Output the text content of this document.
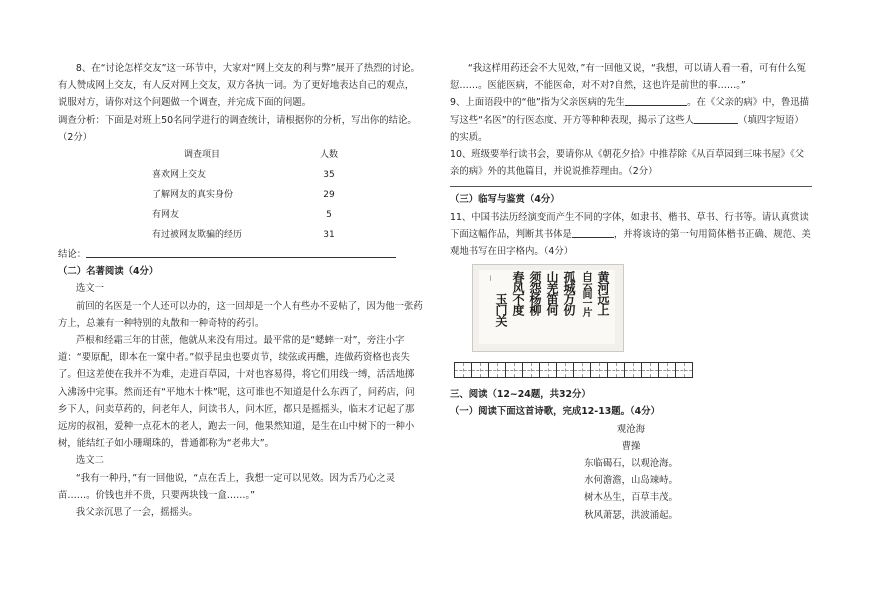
8、在“讨论怎样交友”这一环节中，大家对“网上交友的利与弊”展开了热烈的讨论。有人赞成网上交友，有人反对网上交友，双方各执一词。为了更好地表达自己的观点，说服对方，请你对这个问题做一个调查，并完成下面的问题。

调查分析：下面是对班上50名同学进行的调查统计，请根据你的分析，写出你的结论。（2分）

调查项目	人数
喜欢网上交友	35
了解网友的真实身份	29
有网友	5
有过被网友欺骗的经历	31

结论：

（二）名著阅读（4分）

选文一

前回的名医是一个人还可以办的，这一回却是一个人有些办不妥帖了，因为他一张药方上，总兼有一种特别的丸散和一种奇特的药引。

芦根和经霜三年的甘蔗，他就从来没有用过。最平常的是“蟋蟀一对”，旁注小字道：“要原配，即本在一窠中者。”似乎昆虫也要贞节，续弦或再醮，连做药资格也丧失了。但这差使在我并不为难，走进百草园，十对也容易得，将它们用线一缚，活活地掷入沸汤中完事。然而还有“平地木十株”呢，这可谁也不知道是什么东西了，问药店，问乡下人，问卖草药的，问老年人，问读书人，问木匠，都只是摇摇头，临末才记起了那远房的叔祖，爱种一点花木的老人，跑去一问，他果然知道，是生在山中树下的一种小树，能结红子如小珊瑚珠的，普通都称为“老弗大”。

选文二

“我有一种丹，”有一回他说，“点在舌上，我想一定可以见效。因为舌乃心之灵苗……。价钱也并不贵，只要两块钱一盒……。”

我父亲沉思了一会，摇摇头。

“我这样用药还会不大见效，”有一回他又说，“我想，可以请人看一看，可有什么冤愆……。医能医病，不能医命，对不对?自然，这也许是前世的事……。”

9、上面语段中的“他”指为父亲医病的先生	。在《父亲的病》中，鲁迅描写这些“名医”的行医态度、开方等种种表现，揭示了这些人	（填四字短语）的实质。

10、班级要举行读书会，要请你从《朝花夕拾》中推荐除《从百草园到三味书屋》《父亲的病》外的其他篇目，并说说推荐理由。（2分）

（三）临写与鉴赏（4分）

11、中国书法历经演变而产生不同的字体，如隶书、楷书、草书、行书等。请认真赏读下面这幅作品，判断其书体是	，并将该诗的第一句用简体楷书正确、规范、美观地书写在田字格内。（4分）

黄河远上
白云间一片
孤城万仞
山羌笛何
须怨杨柳
春风不度
玉门关
·········

三、阅读（12~24题，共32分）

（一）阅读下面这首诗歌，完成12-13题。（4分）

观沧海

曹操

东临碣石，以观沧海。

水何澹澹，山岛竦峙。

树木丛生，百草丰茂。

秋风萧瑟，洪波涌起。
